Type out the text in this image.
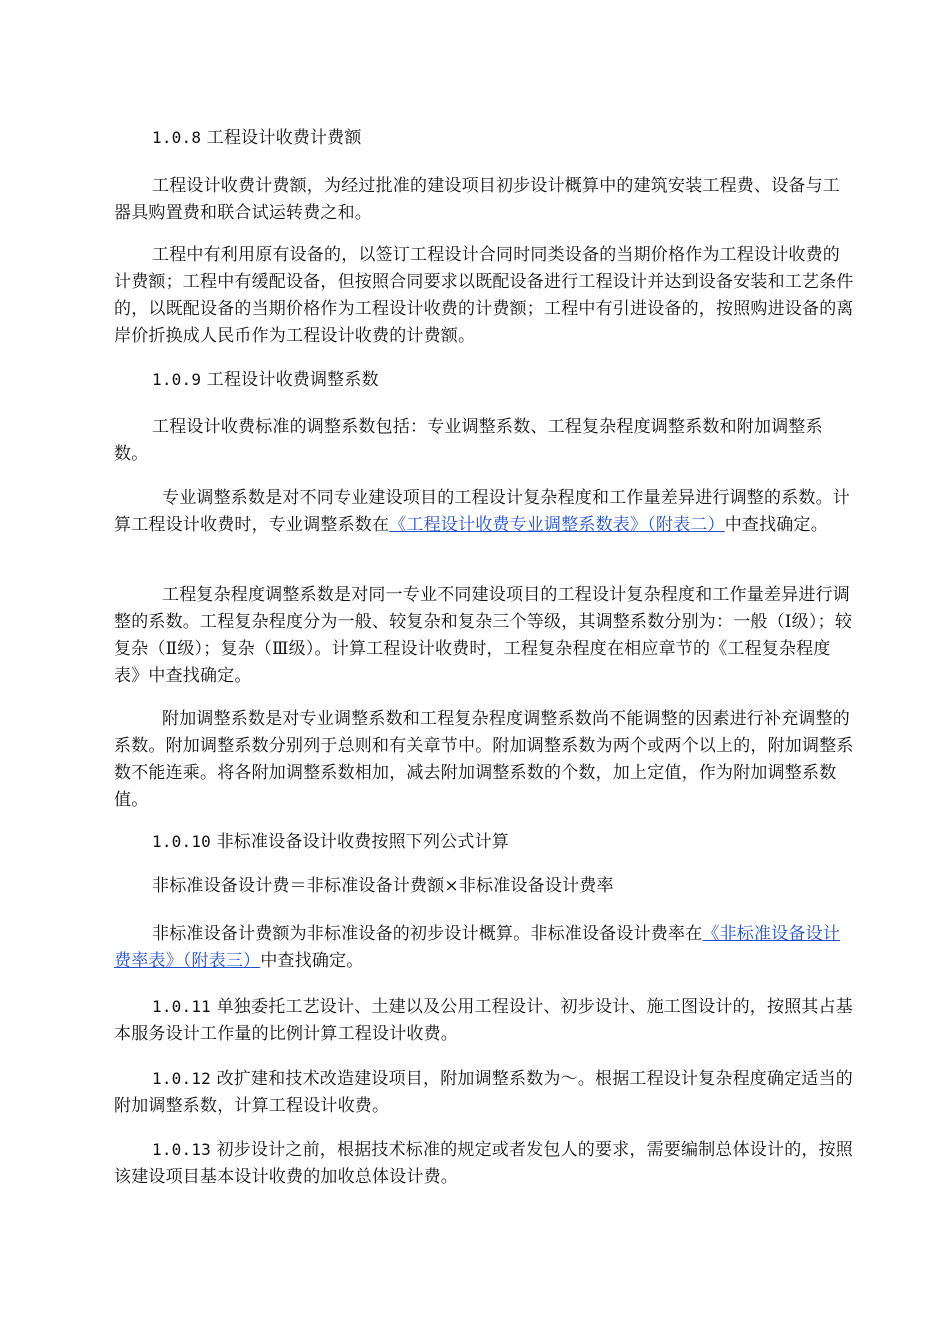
1.0.8 工程设计收费计费额

工程设计收费计费额，为经过批准的建设项目初步设计概算中的建筑安装工程费、设备与工器具购置费和联合试运转费之和。

工程中有利用原有设备的，以签订工程设计合同时同类设备的当期价格作为工程设计收费的计费额；工程中有缓配设备，但按照合同要求以既配设备进行工程设计并达到设备安装和工艺条件的，以既配设备的当期价格作为工程设计收费的计费额；工程中有引进设备的，按照购进设备的离岸价折换成人民币作为工程设计收费的计费额。

1.0.9 工程设计收费调整系数

工程设计收费标准的调整系数包括：专业调整系数、工程复杂程度调整系数和附加调整系数。

专业调整系数是对不同专业建设项目的工程设计复杂程度和工作量差异进行调整的系数。计算工程设计收费时，专业调整系数在《工程设计收费专业调整系数表》（附表二）中查找确定。

工程复杂程度调整系数是对同一专业不同建设项目的工程设计复杂程度和工作量差异进行调整的系数。工程复杂程度分为一般、较复杂和复杂三个等级，其调整系数分别为：一般（Ⅰ级）；较复杂（Ⅱ级）；复杂（Ⅲ级）。计算工程设计收费时，工程复杂程度在相应章节的《工程复杂程度表》中查找确定。

附加调整系数是对专业调整系数和工程复杂程度调整系数尚不能调整的因素进行补充调整的系数。附加调整系数分别列于总则和有关章节中。附加调整系数为两个或两个以上的，附加调整系数不能连乘。将各附加调整系数相加，减去附加调整系数的个数，加上定值，作为附加调整系数值。

1.0.10 非标准设备设计收费按照下列公式计算

非标准设备设计费＝非标准设备计费额×非标准设备设计费率

非标准设备计费额为非标准设备的初步设计概算。非标准设备设计费率在《非标准设备设计费率表》（附表三）中查找确定。

1.0.11 单独委托工艺设计、土建以及公用工程设计、初步设计、施工图设计的，按照其占基本服务设计工作量的比例计算工程设计收费。

1.0.12 改扩建和技术改造建设项目，附加调整系数为～。根据工程设计复杂程度确定适当的附加调整系数，计算工程设计收费。

1.0.13 初步设计之前，根据技术标准的规定或者发包人的要求，需要编制总体设计的，按照该建设项目基本设计收费的加收总体设计费。
